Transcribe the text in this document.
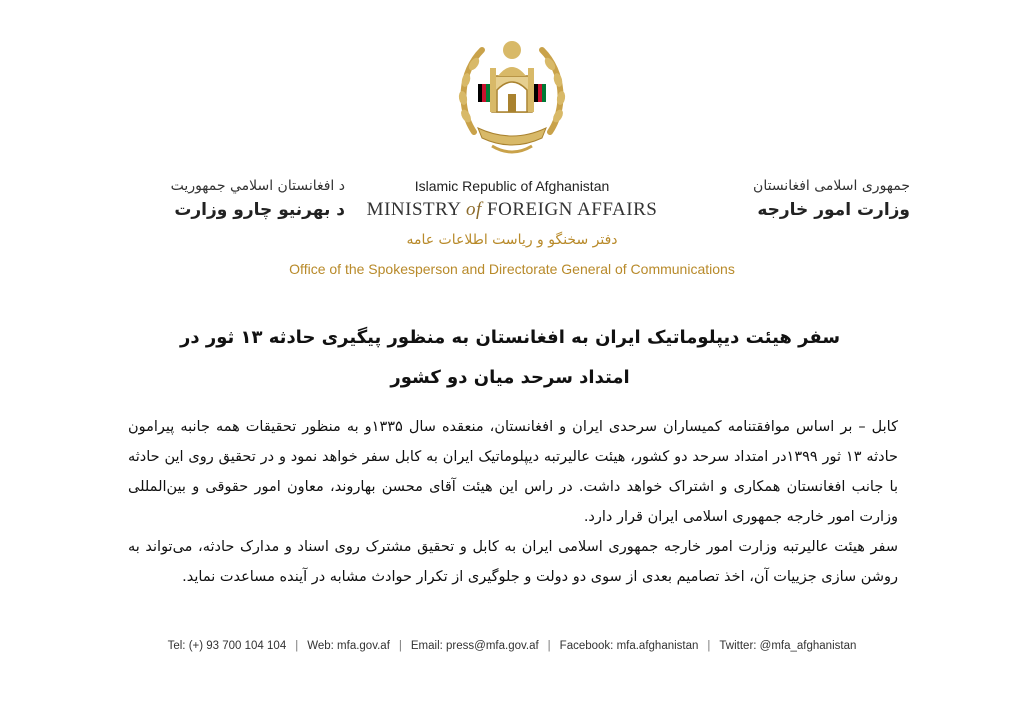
د افغانستان اسلامي جمهوریت
د بهرنیو چارو وزارت
Islamic Republic of Afghanistan
MINISTRY of FOREIGN AFFAIRS
جمهوری اسلامی افغانستان
وزارت امور خارجه
دفتر سخنگو و ریاست اطلاعات عامه
Office of the Spokesperson and Directorate General of Communications
سفر هیئت دیپلوماتیک ایران به افغانستان به منظور پیگیری حادثه ۱۳ ثور در امتداد سرحد میان دو کشور

کابل – بر اساس موافقتنامه کمیساران سرحدی ایران و افغانستان، منعقده سال ۱۳۳۵و به منظور تحقیقات همه جانبه پیرامون حادثه ۱۳ ثور ۱۳۹۹در امتداد سرحد دو کشور، هیئت عالیرتبه دیپلوماتیک ایران به کابل سفر خواهد نمود و در تحقیق روی این حادثه با جانب افغانستان همکاری و اشتراک خواهد داشت. در راس این هیئت آقای محسن بهاروند، معاون امور حقوقی و بین‌المللی وزارت امور خارجه جمهوری اسلامی ایران قرار دارد.

سفر هیئت عالیرتبه وزارت امور خارجه جمهوری اسلامی ایران به کابل و تحقیق مشترک روی اسناد و مدارک حادثه، می‌تواند به روشن سازی جزییات آن، اخذ تصامیم بعدی از سوی دو دولت و جلوگیری از تکرار حوادث مشابه در آینده مساعدت نماید.

Tel: (+) 93 700 104 104 | Web: mfa.gov.af | Email: press@mfa.gov.af | Facebook: mfa.afghanistan | Twitter: @mfa_afghanistan
